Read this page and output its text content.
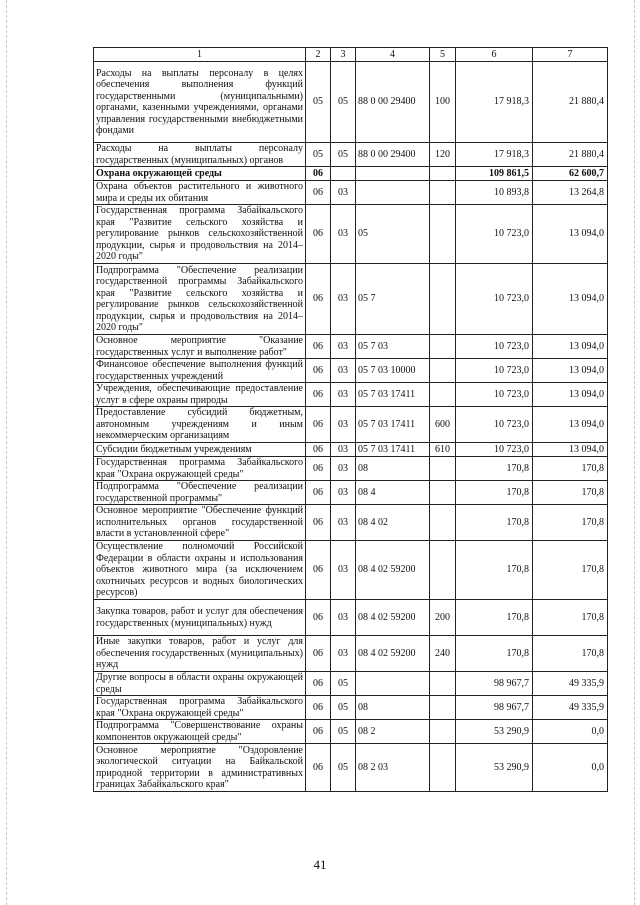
1	2	3	4	5	6	7
Расходы на выплаты персоналу в целях обеспечения выполнения функций государственными (муниципальными) органами, казенными учреждениями, органами управления государственными внебюджетными фондами	05	05	88 0 00 29400	100	17 918,3	21 880,4
Расходы на выплаты персоналу государственных (муниципальных) органов	05	05	88 0 00 29400	120	17 918,3	21 880,4
Охрана окружающей среды	06				109 861,5	62 600,7
Охрана объектов растительного и животного мира и среды их обитания	06	03			10 893,8	13 264,8
Государственная программа Забайкальского края "Развитие сельского хозяйства и регулирование рынков сельскохозяйственной продукции, сырья и продовольствия на 2014–2020 годы"	06	03	05		10 723,0	13 094,0
Подпрограмма "Обеспечение реализации государственной программы Забайкальского края "Развитие сельского хозяйства и регулирование рынков сельскохозяйственной продукции, сырья и продовольствия на 2014–2020 годы"	06	03	05 7		10 723,0	13 094,0
Основное мероприятие "Оказание государственных услуг и выполнение работ"	06	03	05 7 03		10 723,0	13 094,0
Финансовое обеспечение выполнения функций государственных учреждений	06	03	05 7 03 10000		10 723,0	13 094,0
Учреждения, обеспечивающие предоставление услуг в сфере охраны природы	06	03	05 7 03 17411		10 723,0	13 094,0
Предоставление субсидий бюджетным, автономным учреждениям и иным некоммерческим организациям	06	03	05 7 03 17411	600	10 723,0	13 094,0
Субсидии бюджетным учреждениям	06	03	05 7 03 17411	610	10 723,0	13 094,0
Государственная программа Забайкальского края "Охрана окружающей среды"	06	03	08		170,8	170,8
Подпрограмма "Обеспечение реализации государственной программы"	06	03	08 4		170,8	170,8
Основное мероприятие "Обеспечение функций исполнительных органов государственной власти в установленной сфере"	06	03	08 4 02		170,8	170,8
Осуществление полномочий Российской Федерации в области охраны и использования объектов животного мира (за исключением охотничьих ресурсов и водных биологических ресурсов)	06	03	08 4 02 59200		170,8	170,8
Закупка товаров, работ и услуг для обеспечения государственных (муниципальных) нужд	06	03	08 4 02 59200	200	170,8	170,8
Иные закупки товаров, работ и услуг для обеспечения государственных (муниципальных) нужд	06	03	08 4 02 59200	240	170,8	170,8
Другие вопросы в области охраны окружающей среды	06	05			98 967,7	49 335,9
Государственная программа Забайкальского края "Охрана окружающей среды"	06	05	08		98 967,7	49 335,9
Подпрограмма "Совершенствование охраны компонентов окружающей среды"	06	05	08 2		53 290,9	0,0
Основное мероприятие "Оздоровление экологической ситуации на Байкальской природной территории в административных границах Забайкальского края"	06	05	08 2 03		53 290,9	0,0
41
